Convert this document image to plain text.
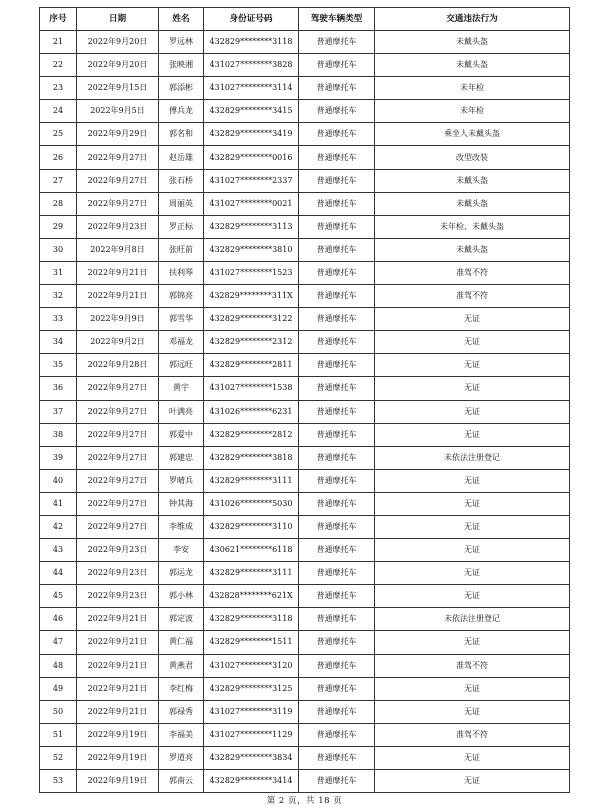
序号	日期	姓名	身份证号码	驾驶车辆类型	交通违法行为
21	2022年9月20日	罗远林	432829********3118	普通摩托车	未戴头盔
22	2022年9月20日	张映湘	431027********3828	普通摩托车	未戴头盔
23	2022年9月15日	郭添彬	431027********3114	普通摩托车	未年检
24	2022年9月5日	傅兵龙	432829********3415	普通摩托车	未年检
25	2022年9月29日	郭名和	432829********3419	普通摩托车	乘坐人未戴头盔
26	2022年9月27日	赵岳雄	432829********0016	普通摩托车	改型改装
27	2022年9月27日	张石桥	431027********2337	普通摩托车	未戴头盔
28	2022年9月27日	周丽英	431027********0021	普通摩托车	未戴头盔
29	2022年9月23日	罗正标	432829********3113	普通摩托车	未年检、未戴头盔
30	2022年9月8日	张旺前	432829********3810	普通摩托车	未戴头盔
31	2022年9月21日	扶利琴	431027********1523	普通摩托车	准驾不符
32	2022年9月21日	郭锦亮	432829********311X	普通摩托车	准驾不符
33	2022年9月9日	郭雪华	432829********3122	普通摩托车	无证
34	2022年9月2日	邓福龙	432829********2312	普通摩托车	无证
35	2022年9月28日	郭远旺	432829********2811	普通摩托车	无证
36	2022年9月27日	黄宇	431027********1538	普通摩托车	无证
37	2022年9月27日	叶满亮	431026********6231	普通摩托车	无证
38	2022年9月27日	郭爱中	432829********2812	普通摩托车	无证
39	2022年9月27日	郭建忠	432829********3818	普通摩托车	未依法注册登记
40	2022年9月27日	罗晴兵	432829********3111	普通摩托车	无证
41	2022年9月27日	钟其海	431026********5030	普通摩托车	无证
42	2022年9月27日	李维成	432829********3110	普通摩托车	无证
43	2022年9月23日	李安	430621********6118	普通摩托车	无证
44	2022年9月23日	郭运龙	432829********3111	普通摩托车	无证
45	2022年9月23日	郭小林	432828********621X	普通摩托车	无证
46	2022年9月21日	郭定波	432829********3118	普通摩托车	未依法注册登记
47	2022年9月21日	黄仁福	432829********1511	普通摩托车	无证
48	2022年9月21日	黄燕君	431027********3120	普通摩托车	准驾不符
49	2022年9月21日	李红梅	432829********3125	普通摩托车	无证
50	2022年9月21日	郭禄秀	431027********3119	普通摩托车	无证
51	2022年9月19日	李福美	431027********1129	普通摩托车	准驾不符
52	2022年9月19日	罗道亮	432829********3834	普通摩托车	无证
53	2022年9月19日	郭南云	432829********3414	普通摩托车	无证
第 2 页，共 18 页
